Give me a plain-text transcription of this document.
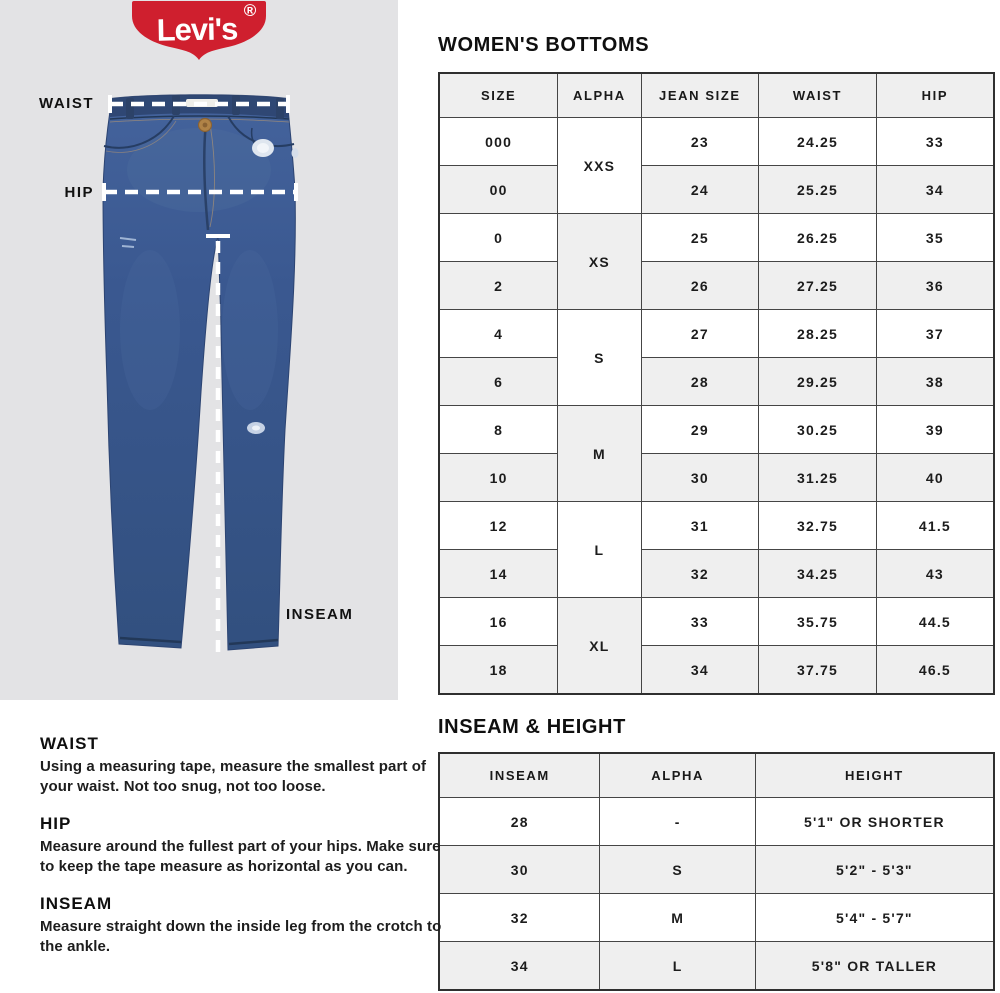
WAIST
HIP
INSEAM
Levi's
®
WOMEN'S BOTTOMS
SIZE	ALPHA	JEAN SIZE	WAIST	HIP
000	XXS	23	24.25	33
00		24	25.25	34
0	XS	25	26.25	35
2		26	27.25	36
4	S	27	28.25	37
6		28	29.25	38
8	M	29	30.25	39
10		30	31.25	40
12	L	31	32.75	41.5
14		32	34.25	43
16	XL	33	35.75	44.5
18		34	37.75	46.5
INSEAM & HEIGHT
INSEAM	ALPHA	HEIGHT
28	-	5'1" OR SHORTER
30	S	5'2" - 5'3"
32	M	5'4" - 5'7"
34	L	5'8" OR TALLER
WAIST

Using a measuring tape, measure the smallest part of your waist. Not too snug, not too loose.

HIP

Measure around the fullest part of your hips. Make sure to keep the tape measure as horizontal as you can.

INSEAM

Measure straight down the inside leg from the crotch to the ankle.
